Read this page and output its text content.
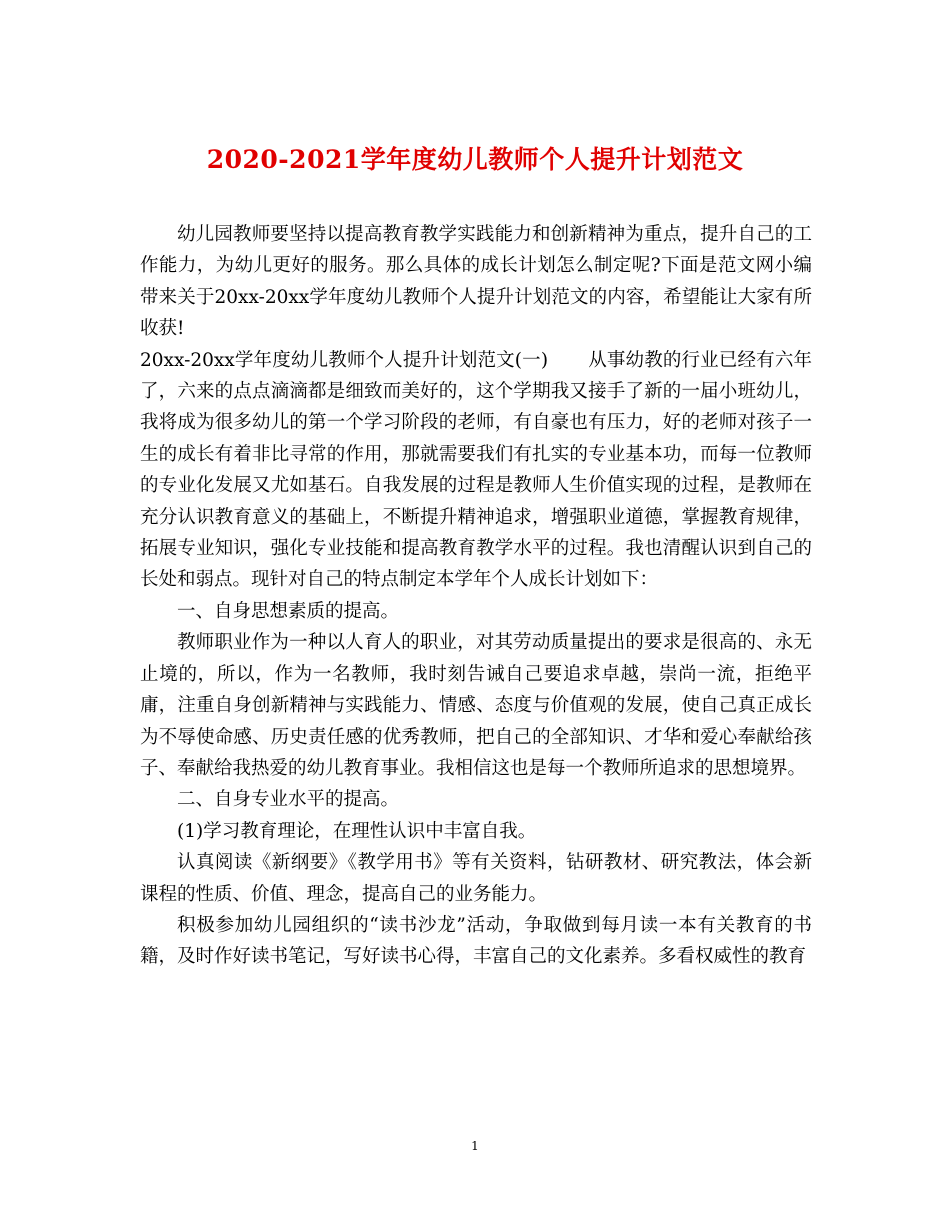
2020-2021学年度幼儿教师个人提升计划范文

幼儿园教师要坚持以提高教育教学实践能力和创新精神为重点，提升自己的工作能力，为幼儿更好的服务。那么具体的成长计划怎么制定呢?下面是范文网小编带来关于20xx-20xx学年度幼儿教师个人提升计划范文的内容，希望能让大家有所收获!

20xx-20xx学年度幼儿教师个人提升计划范文(一) 从事幼教的行业已经有六年了，六来的点点滴滴都是细致而美好的，这个学期我又接手了新的一届小班幼儿，我将成为很多幼儿的第一个学习阶段的老师，有自豪也有压力，好的老师对孩子一生的成长有着非比寻常的作用，那就需要我们有扎实的专业基本功，而每一位教师的专业化发展又尤如基石。自我发展的过程是教师人生价值实现的过程，是教师在充分认识教育意义的基础上，不断提升精神追求，增强职业道德，掌握教育规律，拓展专业知识，强化专业技能和提高教育教学水平的过程。我也清醒认识到自己的长处和弱点。现针对自己的特点制定本学年个人成长计划如下：

一、自身思想素质的提高。

教师职业作为一种以人育人的职业，对其劳动质量提出的要求是很高的、永无止境的，所以，作为一名教师，我时刻告诫自己要追求卓越，崇尚一流，拒绝平庸，注重自身创新精神与实践能力、情感、态度与价值观的发展，使自己真正成长为不辱使命感、历史责任感的优秀教师，把自己的全部知识、才华和爱心奉献给孩子、奉献给我热爱的幼儿教育事业。我相信这也是每一个教师所追求的思想境界。

二、自身专业水平的提高。

(1)学习教育理论，在理性认识中丰富自我。

认真阅读《新纲要》《教学用书》等有关资料，钻研教材、研究教法，体会新课程的性质、价值、理念，提高自己的业务能力。

积极参加幼儿园组织的“读书沙龙”活动，争取做到每月读一本有关教育的书籍，及时作好读书笔记，写好读书心得，丰富自己的文化素养。多看权威性的教育

1
